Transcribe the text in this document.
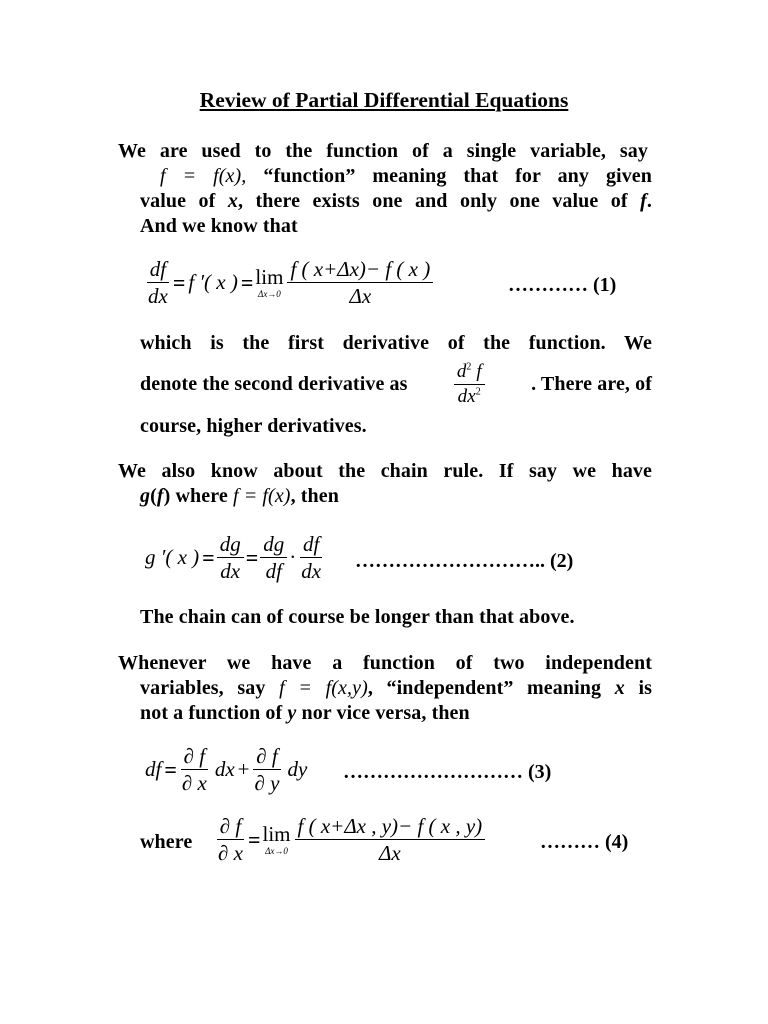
Review of Partial Differential Equations
We are used to the function of a single variable, say
f = f(x), “function” meaning that for any given
value of x, there exists one and only one value of f.
And we know that
$\frac{df}{dx} = f$ ′( x ) = lim
$\Delta x\to 0 \frac{f ( x+\Delta x)- f ( x )}{\Delta x}$	………… (1)
which is the first derivative of the function. We
denote the second derivative as $\frac{d^2 f}{dx^2}$ . There are, of
course, higher derivatives.
We also know about the chain rule. If say we have
g(f) where f = f(x), then
g ′( x ) = $\frac{dg}{dx} = \frac{dg}{df} \cdot \frac{df}{dx}$ ……………………….. (2)
The chain can of course be longer than that above.
Whenever we have a function of two independent
variables, say f = f(x,y), “independent” meaning x is
not a function of y nor vice versa, then
df = $\frac{\partial f}{\partial x}$ dx + $\frac{\partial f}{\partial y}$ dy ……………………… (3)
where $\frac{\partial f}{\partial x} = \lim$
$\Delta x\to 0 \frac{f ( x+\Delta x , y)- f ( x , y)}{\Delta x}$	……… (4)
